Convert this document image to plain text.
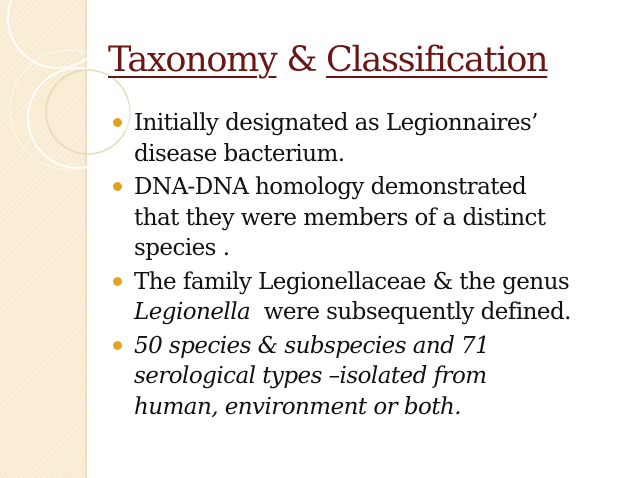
Taxonomy & Classification
Initially designated as Legionnaires’
disease bacterium.
DNA-DNA homology demonstrated
that they were members of a distinct
species .
The family Legionellaceae & the genus
Legionella  were subsequently defined.
50 species & subspecies and 71
serological types –isolated from
human, environment or both.
